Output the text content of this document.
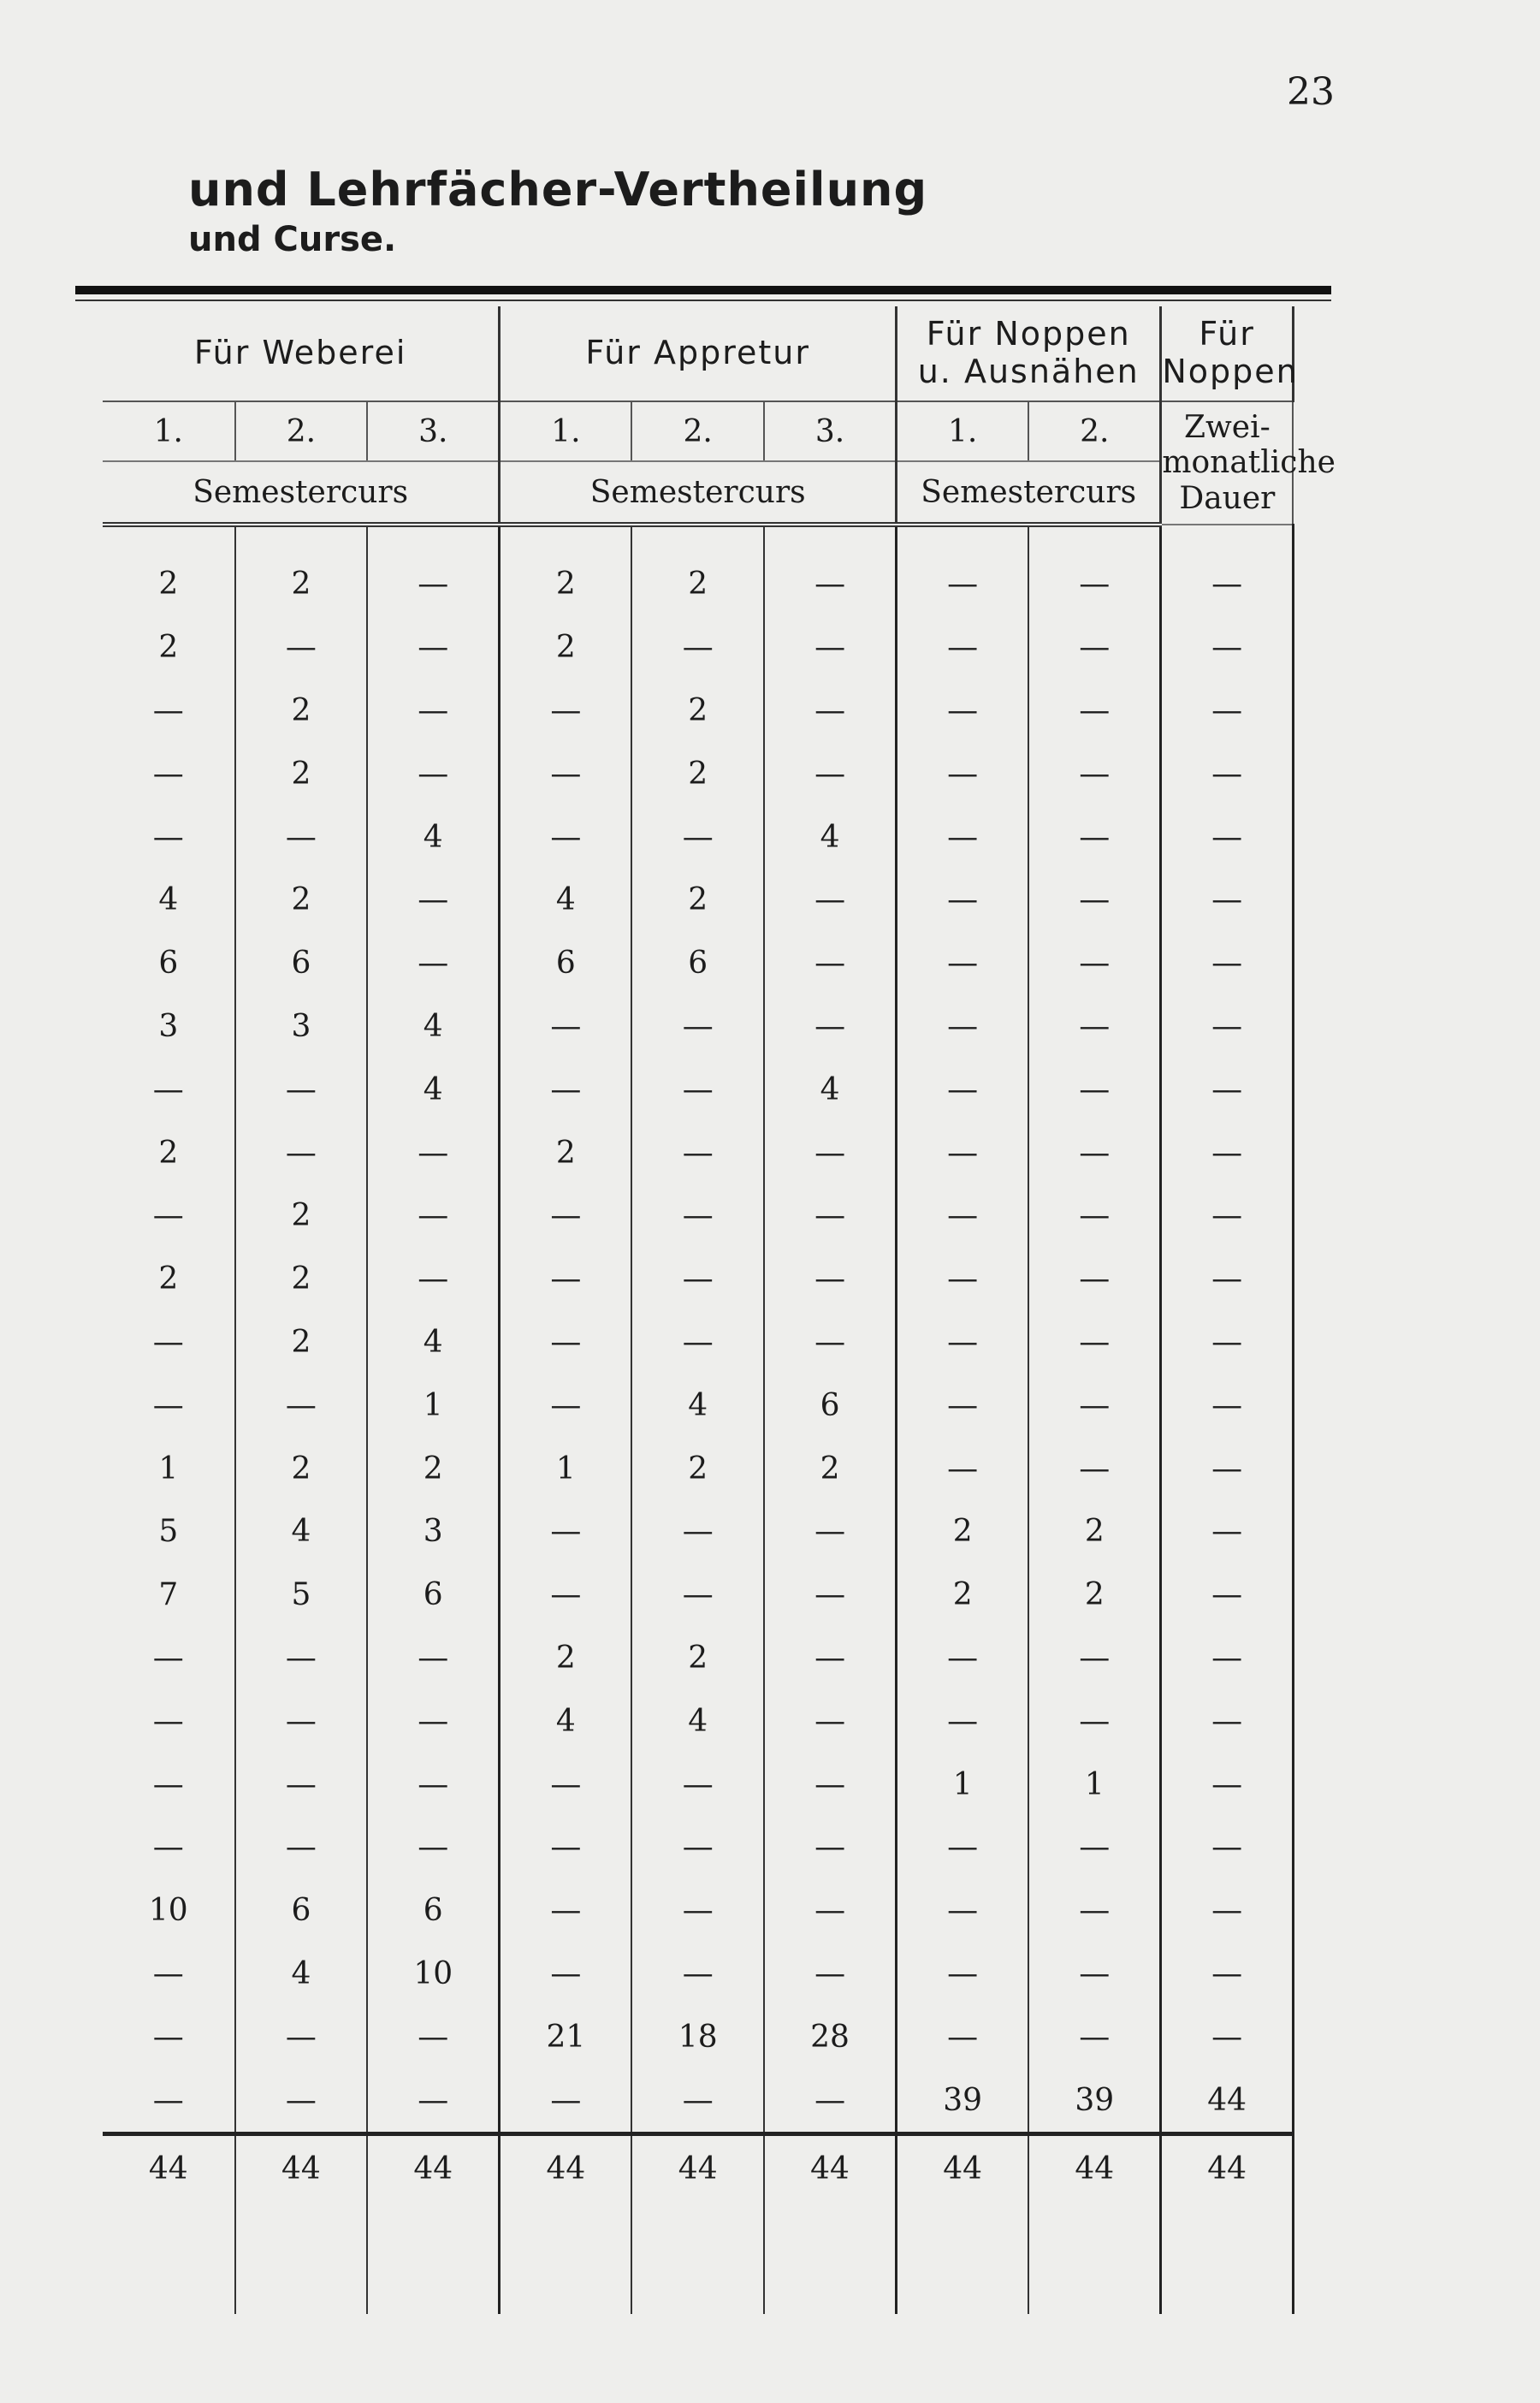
23
und Lehrfächer-Vertheilung
und Curse.
Für Weberei			Für Appretur			Für Noppen
u. Ausnähen		Für
Noppen
1.	2.	3.	1.	2.	3.	1.	2.	Zwei-
monatliche
Dauer
Semestercurs			Semestercurs			Semestercurs		

2	2	—	2	2	—	—	—	—
2	—	—	2	—	—	—	—	—
—	2	—	—	2	—	—	—	—
—	2	—	—	2	—	—	—	—
—	—	4	—	—	4	—	—	—
4	2	—	4	2	—	—	—	—
6	6	—	6	6	—	—	—	—
3	3	4	—	—	—	—	—	—
—	—	4	—	—	4	—	—	—
2	—	—	2	—	—	—	—	—
—	2	—	—	—	—	—	—	—
2	2	—	—	—	—	—	—	—
—	2	4	—	—	—	—	—	—
—	—	1	—	4	6	—	—	—
1	2	2	1	2	2	—	—	—
5	4	3	—	—	—	2	2	—
7	5	6	—	—	—	2	2	—
—	—	—	2	2	—	—	—	—
—	—	—	4	4	—	—	—	—
—	—	—	—	—	—	1	1	—
—	—	—	—	—	—	—	—	—
10	6	6	—	—	—	—	—	—
—	4	10	—	—	—	—	—	—
—	—	—	21	18	28	—	—	—
—	—	—	—	—	—	39	39	44
44	44	44	44	44	44	44	44	44
